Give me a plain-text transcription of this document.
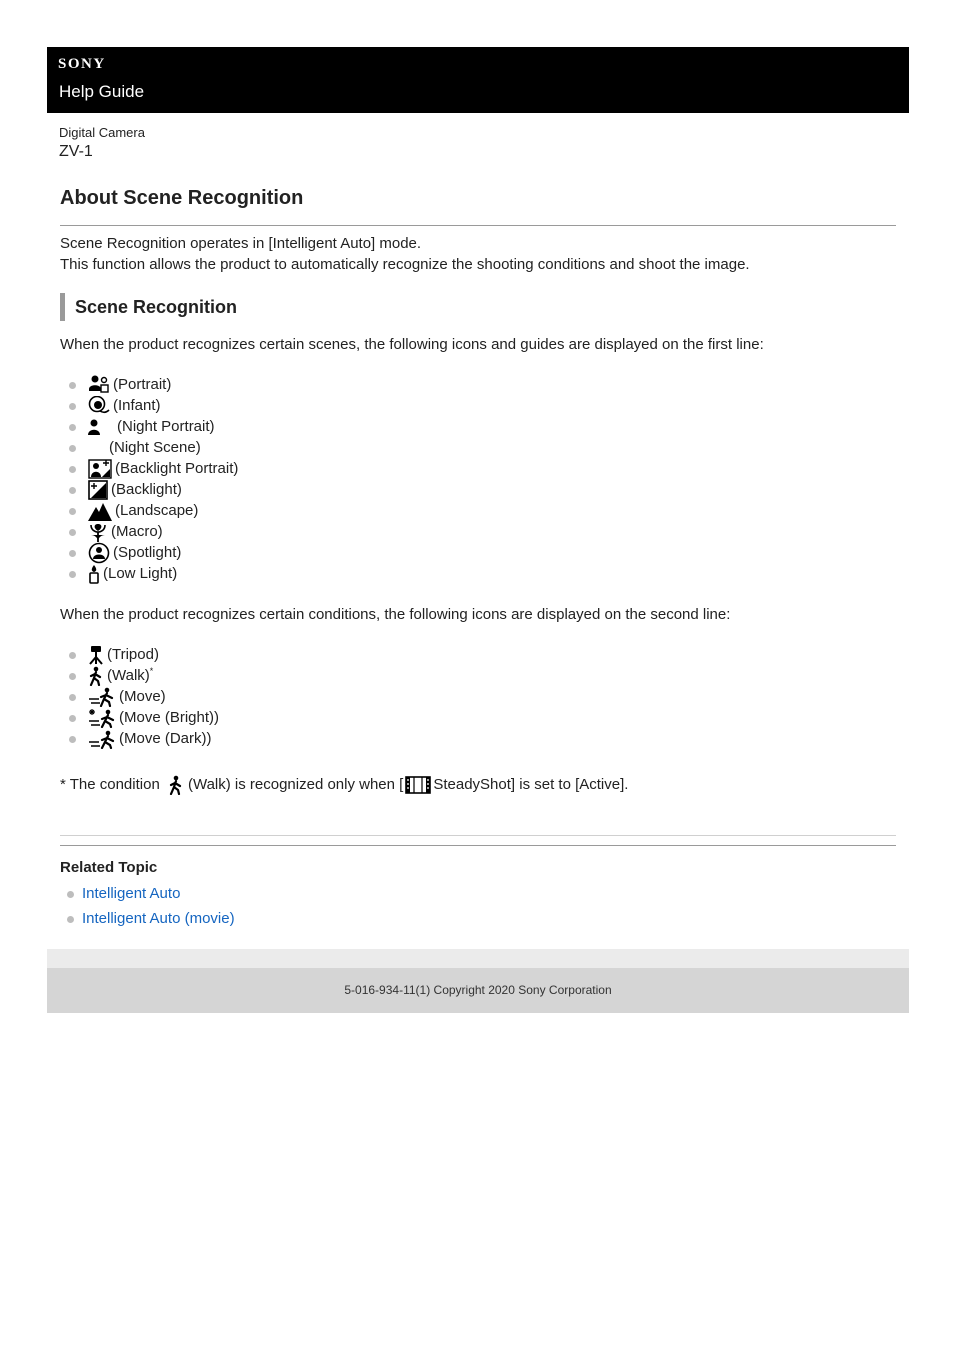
SONY
Help Guide
Digital Camera
ZV-1
About Scene Recognition

Scene Recognition operates in [Intelligent Auto] mode.

This function allows the product to automatically recognize the shooting conditions and shoot the image.

Scene Recognition

When the product recognizes certain scenes, the following icons and guides are displayed on the first line:

(Portrait)
(Infant)
(Night Portrait)
(Night Scene)
(Backlight Portrait)
(Backlight)
(Landscape)
(Macro)
(Spotlight)
(Low Light)

When the product recognizes certain conditions, the following icons are displayed on the second line:

(Tripod)
(Walk)*
(Move)
(Move (Bright))
(Move (Dark))
* The condition (Walk) is recognized only when [ SteadyShot] is set to [Active].
Related Topic
Intelligent Auto
Intelligent Auto (movie)
5-016-934-11(1) Copyright 2020 Sony Corporation
